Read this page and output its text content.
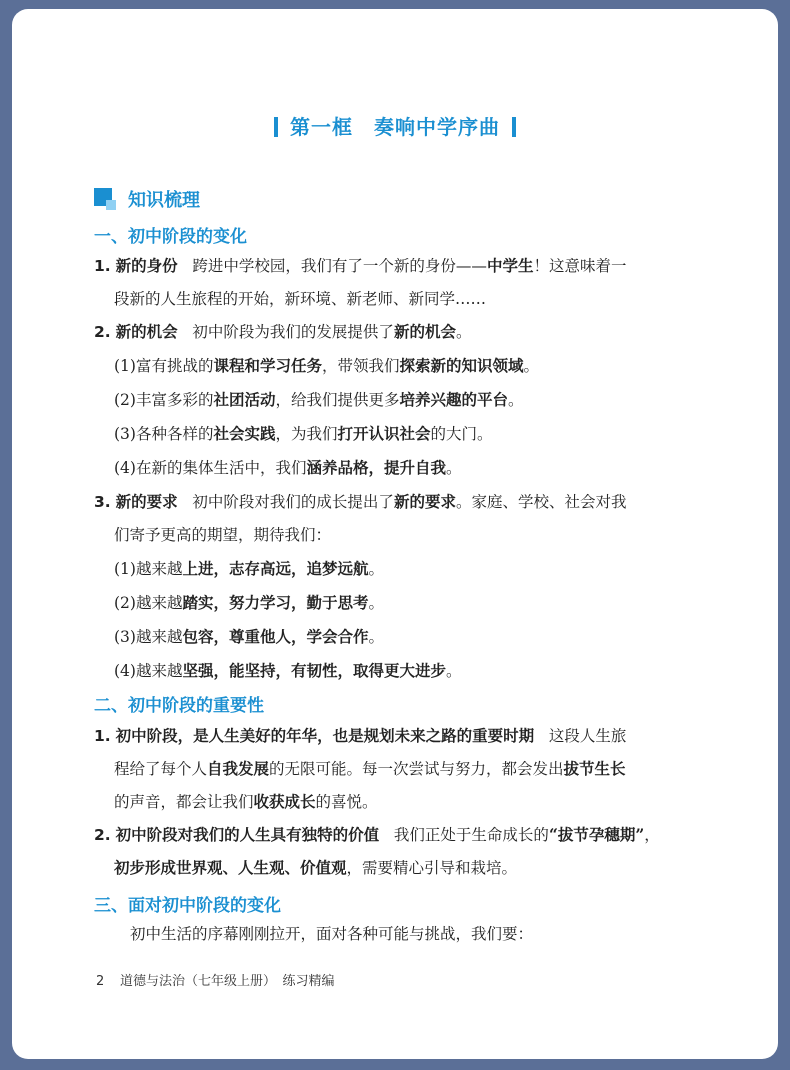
第一框　奏响中学序曲
知识梳理
一、初中阶段的变化
1. 新的身份 跨进中学校园，我们有了一个新的身份——中学生！这意味着一
段新的人生旅程的开始，新环境、新老师、新同学……
2. 新的机会 初中阶段为我们的发展提供了新的机会。
(1)富有挑战的课程和学习任务，带领我们探索新的知识领域。
(2)丰富多彩的社团活动，给我们提供更多培养兴趣的平台。
(3)各种各样的社会实践，为我们打开认识社会的大门。
(4)在新的集体生活中，我们涵养品格，提升自我。
3. 新的要求 初中阶段对我们的成长提出了新的要求。家庭、学校、社会对我
们寄予更高的期望，期待我们：
(1)越来越上进，志存高远，追梦远航。
(2)越来越踏实，努力学习，勤于思考。
(3)越来越包容，尊重他人，学会合作。
(4)越来越坚强，能坚持，有韧性，取得更大进步。
二、初中阶段的重要性
1. 初中阶段，是人生美好的年华，也是规划未来之路的重要时期 这段人生旅
程给了每个人自我发展的无限可能。每一次尝试与努力，都会发出拔节生长
的声音，都会让我们收获成长的喜悦。
2. 初中阶段对我们的人生具有独特的价值 我们正处于生命成长的“拔节孕穗期”，
初步形成世界观、人生观、价值观，需要精心引导和栽培。
三、面对初中阶段的变化
初中生活的序幕刚刚拉开，面对各种可能与挑战，我们要：
2 道德与法治（七年级上册）　练习精编
